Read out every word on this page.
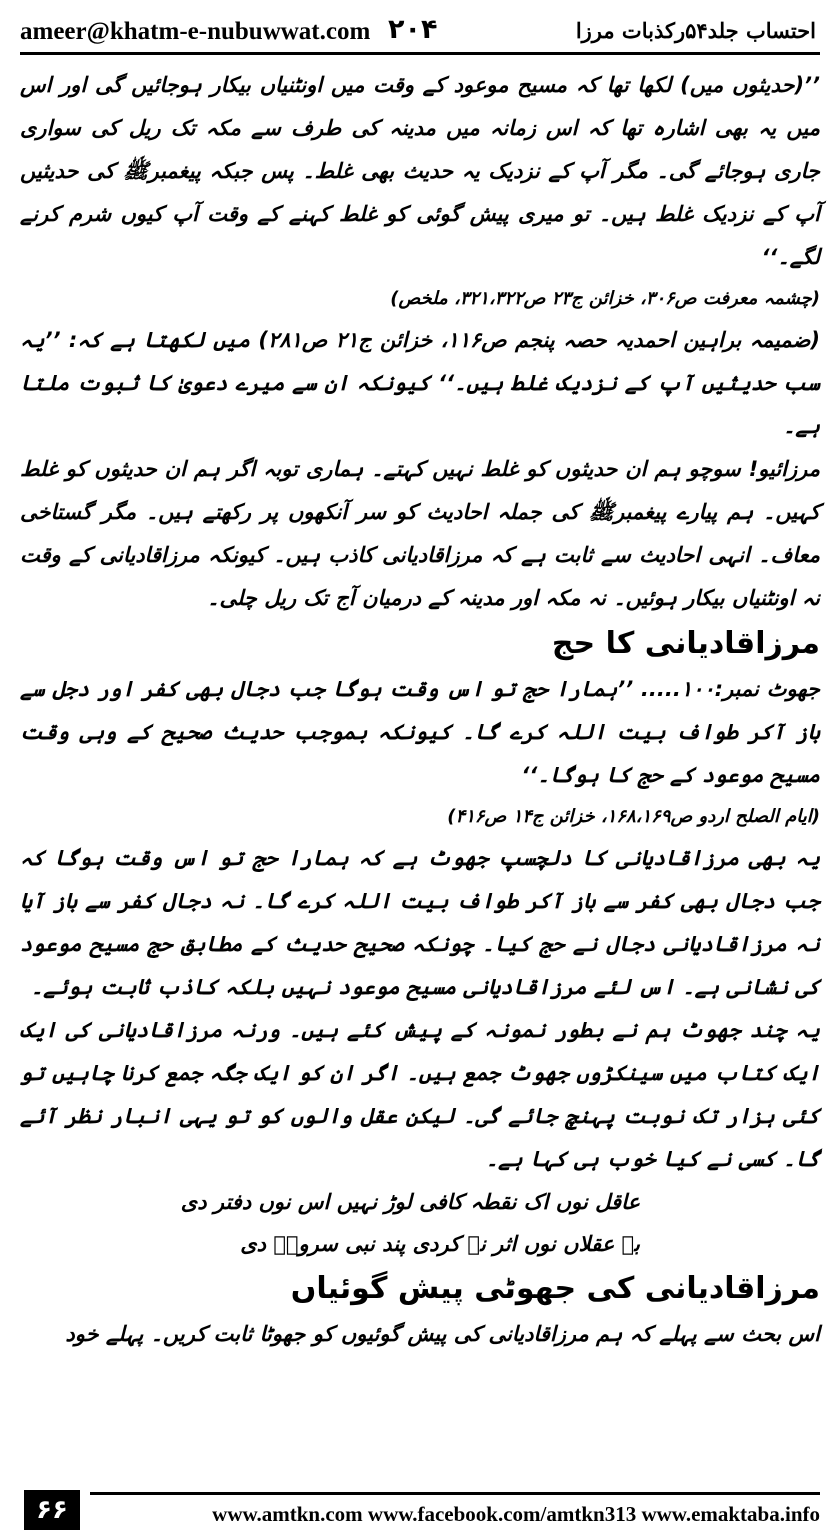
ameer@khatm-e-nubuwwat.com ۲۰۴	احتساب جلد۵۴رکذبات مرزا

’’(حدیثوں میں) لکھا تھا کہ مسیح موعود کے وقت میں اونٹنیاں بیکار ہوجائیں گی اور اس میں یہ بھی اشارہ تھا کہ اس زمانہ میں مدینہ کی طرف سے مکہ تک ریل کی سواری جاری ہوجائے گی۔ مگر آپ کے نزدیک یہ حدیث بھی غلط۔ پس جبکہ پیغمبرﷺ کی حدیثیں آپ کے نزدیک غلط ہیں۔ تو میری پیش گوئی کو غلط کہنے کے وقت آپ کیوں شرم کرنے لگے۔‘‘

(چشمہ معرفت ص۳۰۶، خزائن ج۲۳ ص۳۲۱،۳۲۲، ملخص)

(ضمیمہ براہین احمدیہ حصہ پنجم ص۱۱۶، خزائن ج۲۱ ص۲۸۱) میں لکھتا ہے کہ: ’’یہ سب حدیثیں آپ کے نزدیک غلط ہیں۔‘‘ کیونکہ ان سے میرے دعویٰ کا ثبوت ملتا ہے۔

مرزائیو! سوچو ہم ان حدیثوں کو غلط نہیں کہتے۔ ہماری توبہ اگر ہم ان حدیثوں کو غلط کہیں۔ ہم پیارے پیغمبرﷺ کی جملہ احادیث کو سر آنکھوں پر رکھتے ہیں۔ مگر گستاخی معاف۔ انہی احادیث سے ثابت ہے کہ مرزاقادیانی کاذب ہیں۔ کیونکہ مرزاقادیانی کے وقت نہ اونٹنیاں بیکار ہوئیں۔ نہ مکہ اور مدینہ کے درمیان آج تک ریل چلی۔

مرزاقادیانی کا حج

جھوٹ نمبر:۱۰۰..... ’’ہمارا حج تو اس وقت ہوگا جب دجال بھی کفر اور دجل سے باز آکر طواف بیت اللہ کرے گا۔ کیونکہ بموجب حدیث صحیح کے وہی وقت مسیح موعود کے حج کا ہوگا۔‘‘

(ایام الصلح اردو ص۱۶۸،۱۶۹، خزائن ج۱۴ ص۴۱۶)

یہ بھی مرزاقادیانی کا دلچسپ جھوٹ ہے کہ ہمارا حج تو اس وقت ہوگا کہ جب دجال بھی کفر سے باز آکر طواف بیت اللہ کرے گا۔ نہ دجال کفر سے باز آیا نہ مرزاقادیانی دجال نے حج کیا۔ چونکہ صحیح حدیث کے مطابق حج مسیح موعود کی نشانی ہے۔ اس لئے مرزاقادیانی مسیح موعود نہیں بلکہ کاذب ثابت ہوئے۔

یہ چند جھوٹ ہم نے بطور نمونہ کے پیش کئے ہیں۔ ورنہ مرزاقادیانی کی ایک ایک کتاب میں سینکڑوں جھوٹ جمع ہیں۔ اگر ان کو ایک جگہ جمع کرنا چاہیں تو کئی ہزار تک نوبت پہنچ جائے گی۔ لیکن عقل والوں کو تو یہی انبار نظر آئے گا۔ کسی نے کیا خوب ہی کہا ہے۔

عاقل نوں اک نقطہ کافی لوڑ نہیں اس نوں دفتر دی

بے عقلاں نوں اثر نہ کردی پند نبی سرورؐ دی

مرزاقادیانی کی جھوٹی پیش گوئیاں

اس بحث سے پہلے کہ ہم مرزاقادیانی کی پیش گوئیوں کو جھوٹا ثابت کریں۔ پہلے خود

۶۶	www.amtkn.com www.facebook.com/amtkn313 www.emaktaba.info
